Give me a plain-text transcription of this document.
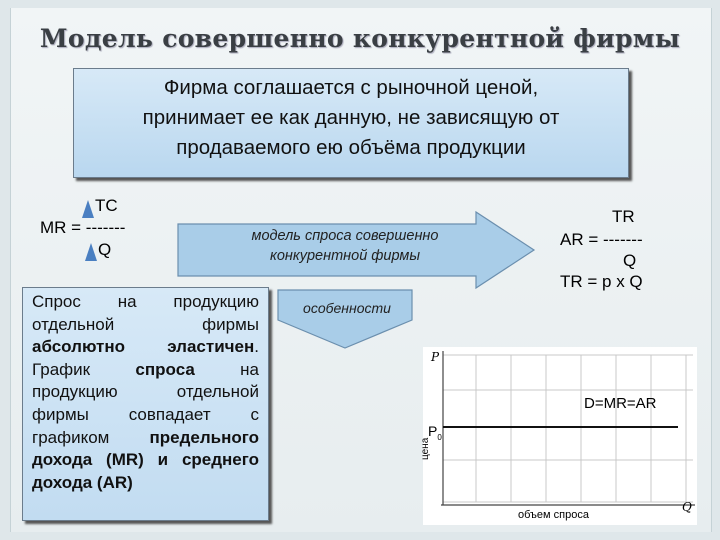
Модель совершенно конкурентной фирмы
Фирма соглашается с рыночной ценой,
принимает ее как данную, не зависящую от
продаваемого ею объёма продукции
TC
MR = -------
Q
модель спроса совершенно
конкурентной фирмы
TR
AR = -------
Q
TR = p x Q
Спрос на продукцию отдельной фирмы абсолютно эластичен. График	спроса	на продукцию отдельной фирмы совпадает с графиком предельного дохода (MR) и среднего дохода (AR)
особенности
P
$P_0$
цена
D=MR=AR
Q
объем спроса
